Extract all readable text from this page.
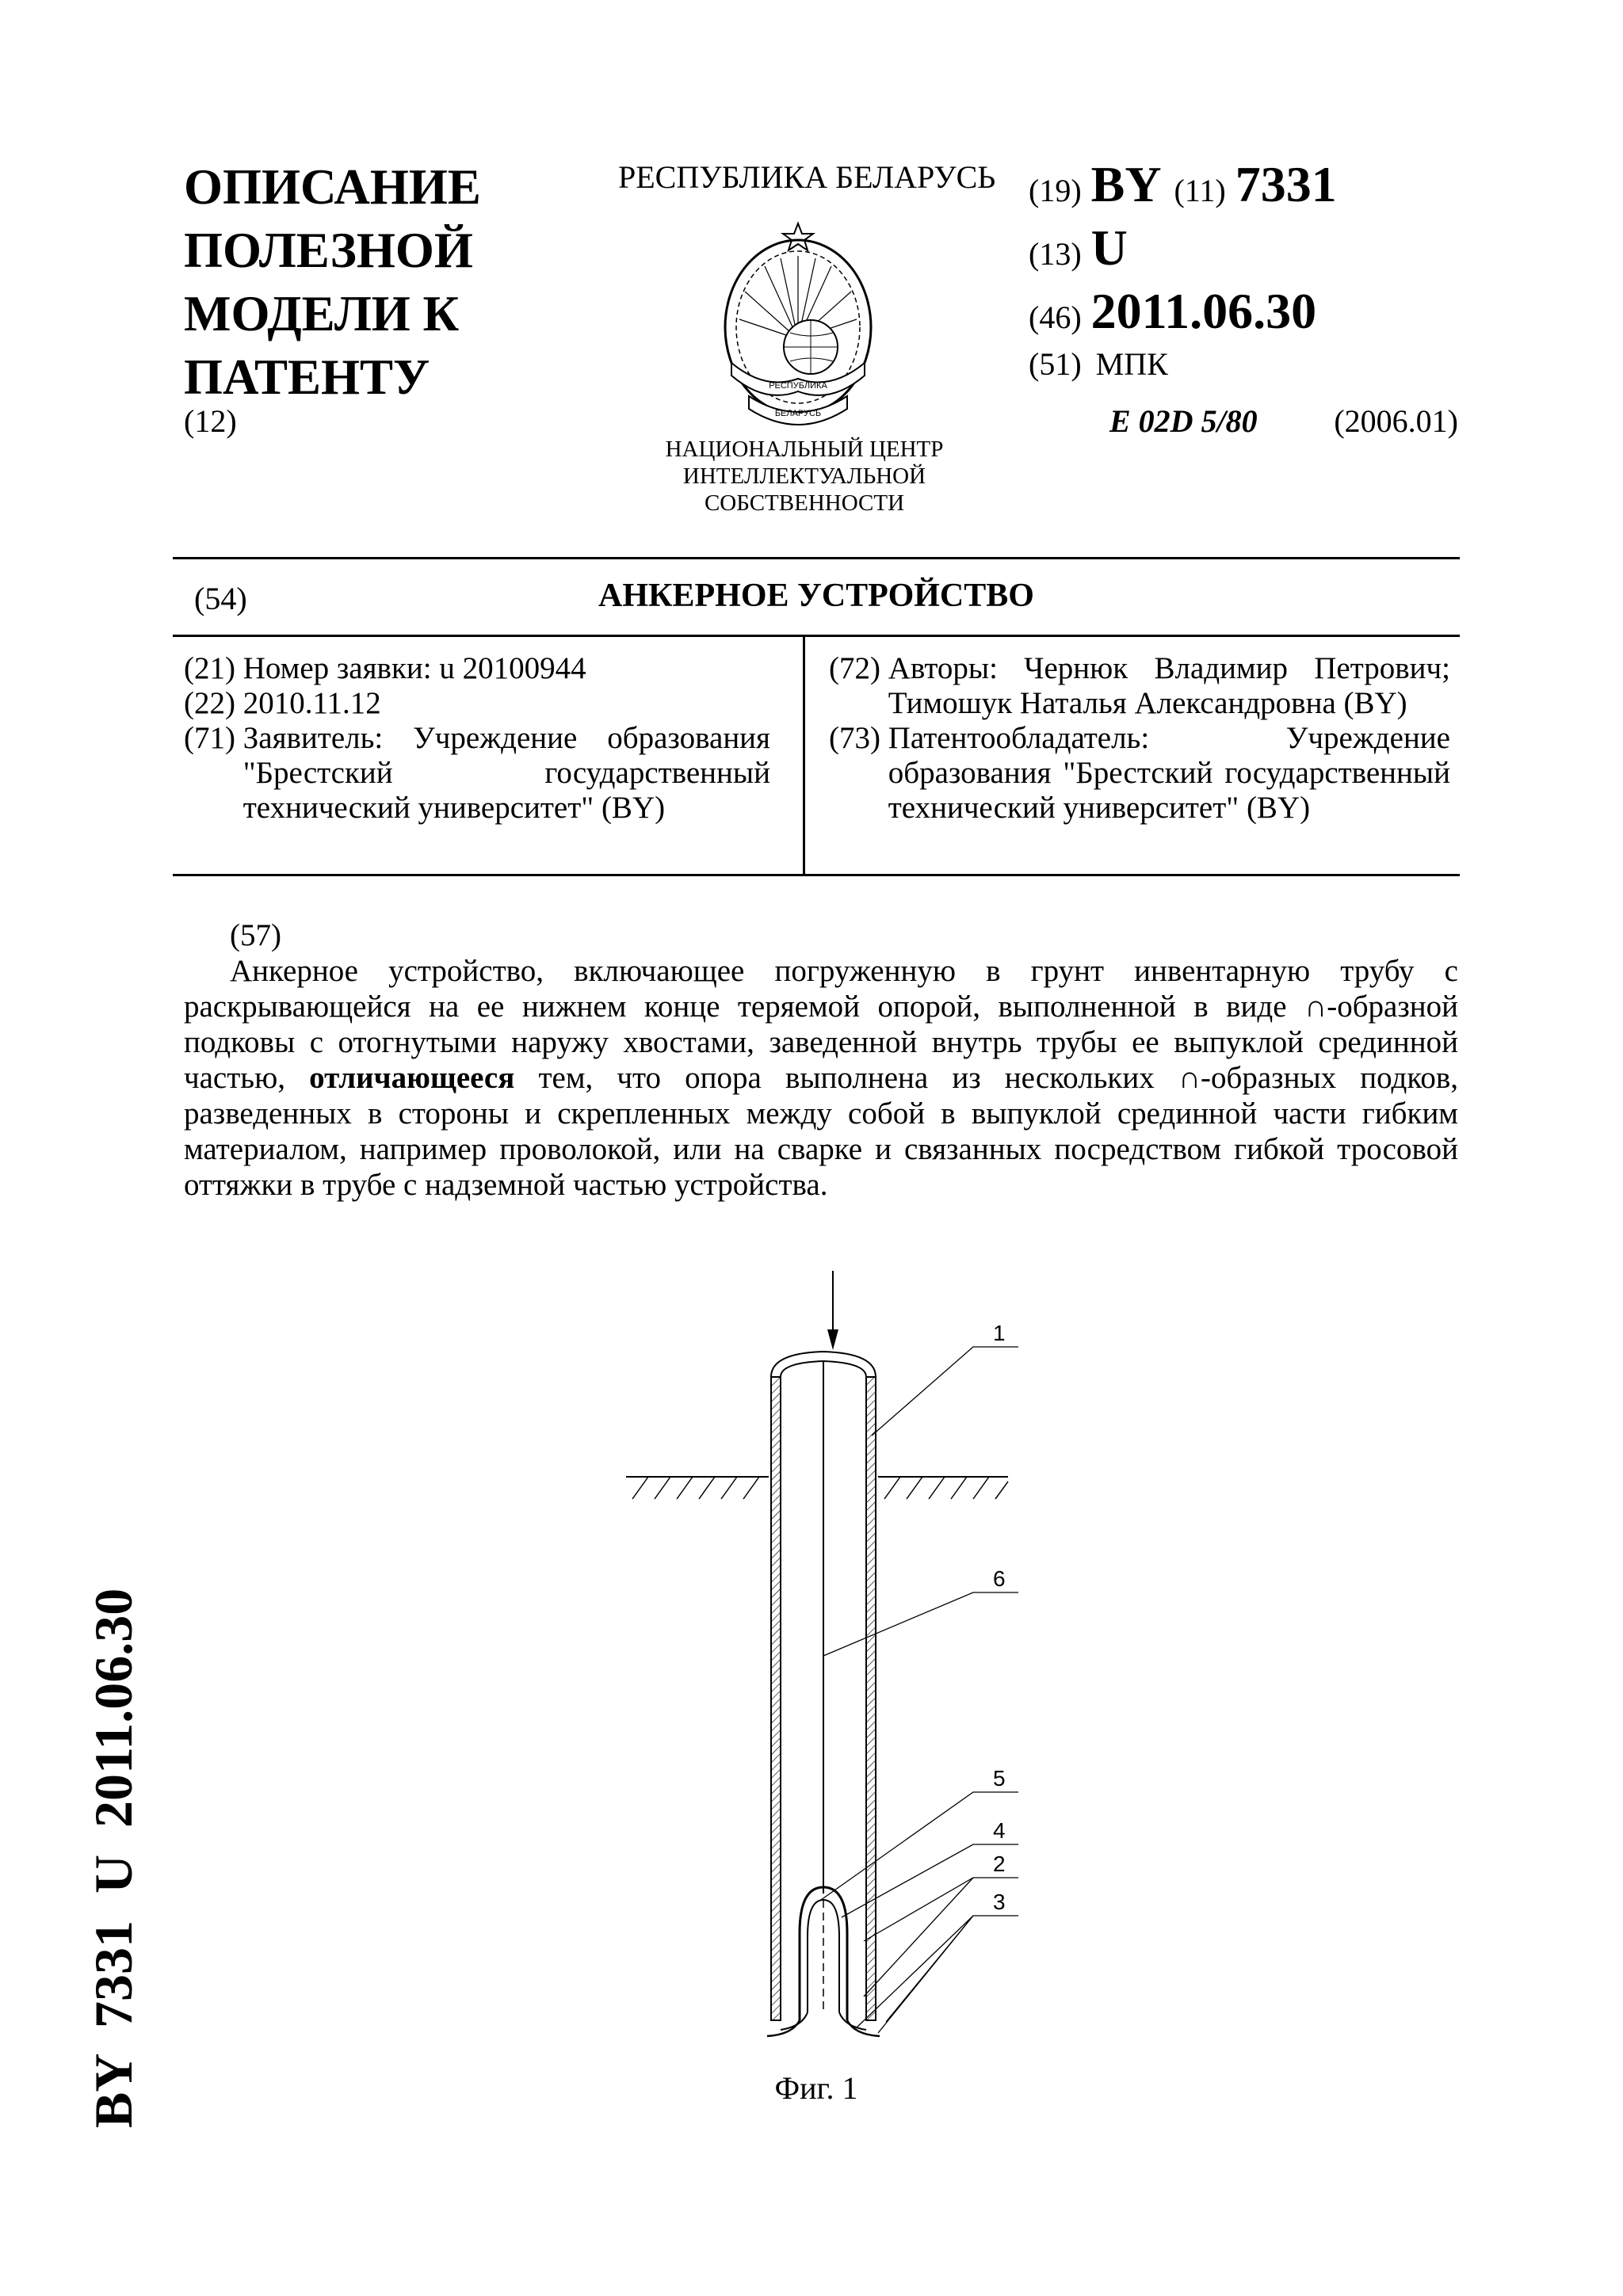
ОПИСАНИЕ ПОЛЕЗНОЙ МОДЕЛИ К ПАТЕНТУ
(12)
РЕСПУБЛИКА БЕЛАРУСЬ
РЕСПУБЛИКА
БЕЛАРУСЬ
НАЦИОНАЛЬНЫЙ ЦЕНТР ИНТЕЛЛЕКТУАЛЬНОЙ СОБСТВЕННОСТИ
(19) BY (11) 7331
(13) U
(46) 2011.06.30
(51) МПК
E 02D 5/80 (2006.01)
АНКЕРНОЕ УСТРОЙСТВО
(54)
(21) Номер заявки: u 20100944
(22) 2010.11.12
(71) Заявитель: Учреждение образования "Брестский государственный технический университет" (BY)
(72) Авторы: Чернюк Владимир Петрович; Тимошук Наталья Александровна (BY)
(73) Патентообладатель: Учреждение образования "Брестский государственный технический университет" (BY)
(57)
Анкерное устройство, включающее погруженную в грунт инвентарную трубу с раскрывающейся на ее нижнем конце теряемой опорой, выполненной в виде ∩-образной подковы с отогнутыми наружу хвостами, заведенной внутрь трубы ее выпуклой срединной частью, отличающееся тем, что опора выполнена из нескольких ∩-образных подков, разведенных в стороны и скрепленных между собой в выпуклой срединной части гибким материалом, например проволокой, или на сварке и связанных посредством гибкой тросовой оттяжки в трубе с надземной частью устройства.
1
6
5
4
2
3
Фиг. 1
BY  7331  U  2011.06.30
